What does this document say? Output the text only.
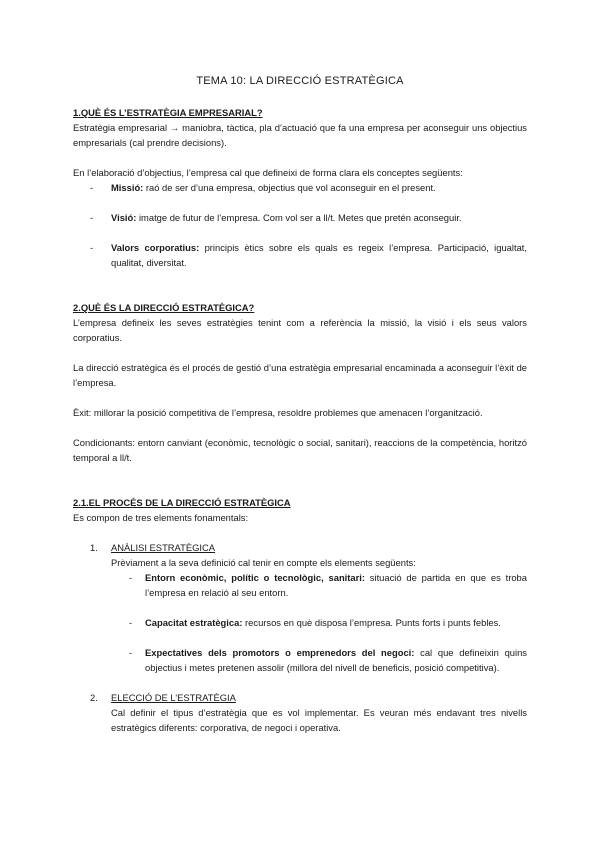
TEMA 10: LA DIRECCIÓ ESTRATÈGICA
1.QUÈ ÉS L’ESTRATÈGIA EMPRESARIAL?

Estratègia empresarial → maniobra, tàctica, pla d’actuació que fa una empresa per aconseguir uns objectius empresarials (cal prendre decisions).

En l’elaboració d’objectius, l’empresa cal que defineixi de forma clara els conceptes següents:

- Missió: raó de ser d’una empresa, objectius que vol aconseguir en el present.
- Visió: imatge de futur de l’empresa. Com vol ser a ll/t. Metes que pretén aconseguir.
- Valors corporatius: principis ètics sobre els quals es regeix l’empresa. Participació, igualtat, qualitat, diversitat.
2.QUÈ ÉS LA DIRECCIÓ ESTRATÈGICA?

L’empresa defineix les seves estratègies tenint com a referència la missió, la visió i els seus valors corporatius.

La direcció estratègica és el procés de gestió d’una estratègia empresarial encaminada a aconseguir l’èxit de l’empresa.

Èxit: millorar la posició competitiva de l’empresa, resoldre problemes que amenacen l’organització.

Condicionants: entorn canviant (econòmic, tecnològic o social, sanitari), reaccions de la competència, horitzó temporal a ll/t.

2.1.EL PROCÉS DE LA DIRECCIÓ ESTRATÈGICA

Es compon de tres elements fonamentals:

1. ANÀLISI ESTRATÈGICA

Prèviament a la seva definició cal tenir en compte els elements següents:

- Entorn econòmic, polític o tecnològic, sanitari: situació de partida en que es troba l’empresa en relació al seu entorn.
- Capacitat estratègica: recursos en què disposa l’empresa. Punts forts i punts febles.
- Expectatives dels promotors o emprenedors del negoci: cal que defineixin quins objectius i metes pretenen assolir (millora del nivell de beneficis, posició competitiva).
2. ELECCIÓ DE L’ESTRATÈGIA

Cal definir el tipus d’estratègia que es vol implementar. Es veuran més endavant tres nivells estratègics diferents: corporativa, de negoci i operativa.
